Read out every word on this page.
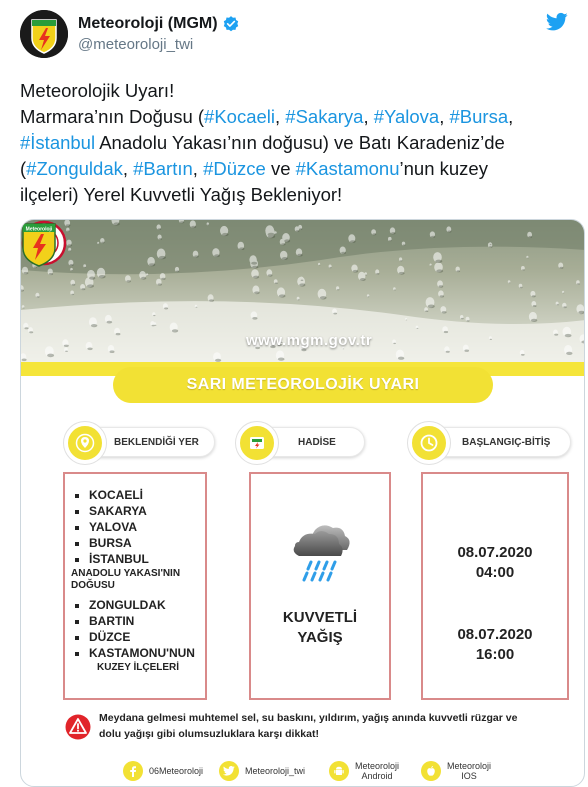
Meteoroloji (MGM)
@meteoroloji_twi
Meteorolojik Uyarı!
Marmara’nın Doğusu (#Kocaeli, #Sakarya, #Yalova, #Bursa,
#İstanbul Anadolu Yakası’nın doğusu) ve Batı Karadeniz’de
(#Zonguldak, #Bartın, #Düzce ve #Kastamonu’nun kuzey
ilçeleri) Yerel Kuvvetli Yağış Bekleniyor!
Meteoroloji
www.mgm.gov.tr
SARI METEOROLOJİK UYARI
BEKLENDİĞİ YER	HADİSE	BAŞLANGIÇ-BİTİŞ
KOCAELİ
SAKARYA
YALOVA
BURSA
İSTANBUL
ANADOLU YAKASI'NIN
DOĞUSU
ZONGULDAK
BARTIN
DÜZCE
KASTAMONU'NUN
KUZEY İLÇELERİ
KUVVETLİ
YAĞIŞ
08.07.2020
04:00
08.07.2020
16:00
Meydana gelmesi muhtemel sel, su baskını, yıldırım, yağış anında kuvvetli rüzgar ve
dolu yağışı gibi olumsuzluklara karşı dikkat!
06Meteoroloji	Meteoroloji_twi	Meteoroloji
Android
Meteoroloji
IOS
